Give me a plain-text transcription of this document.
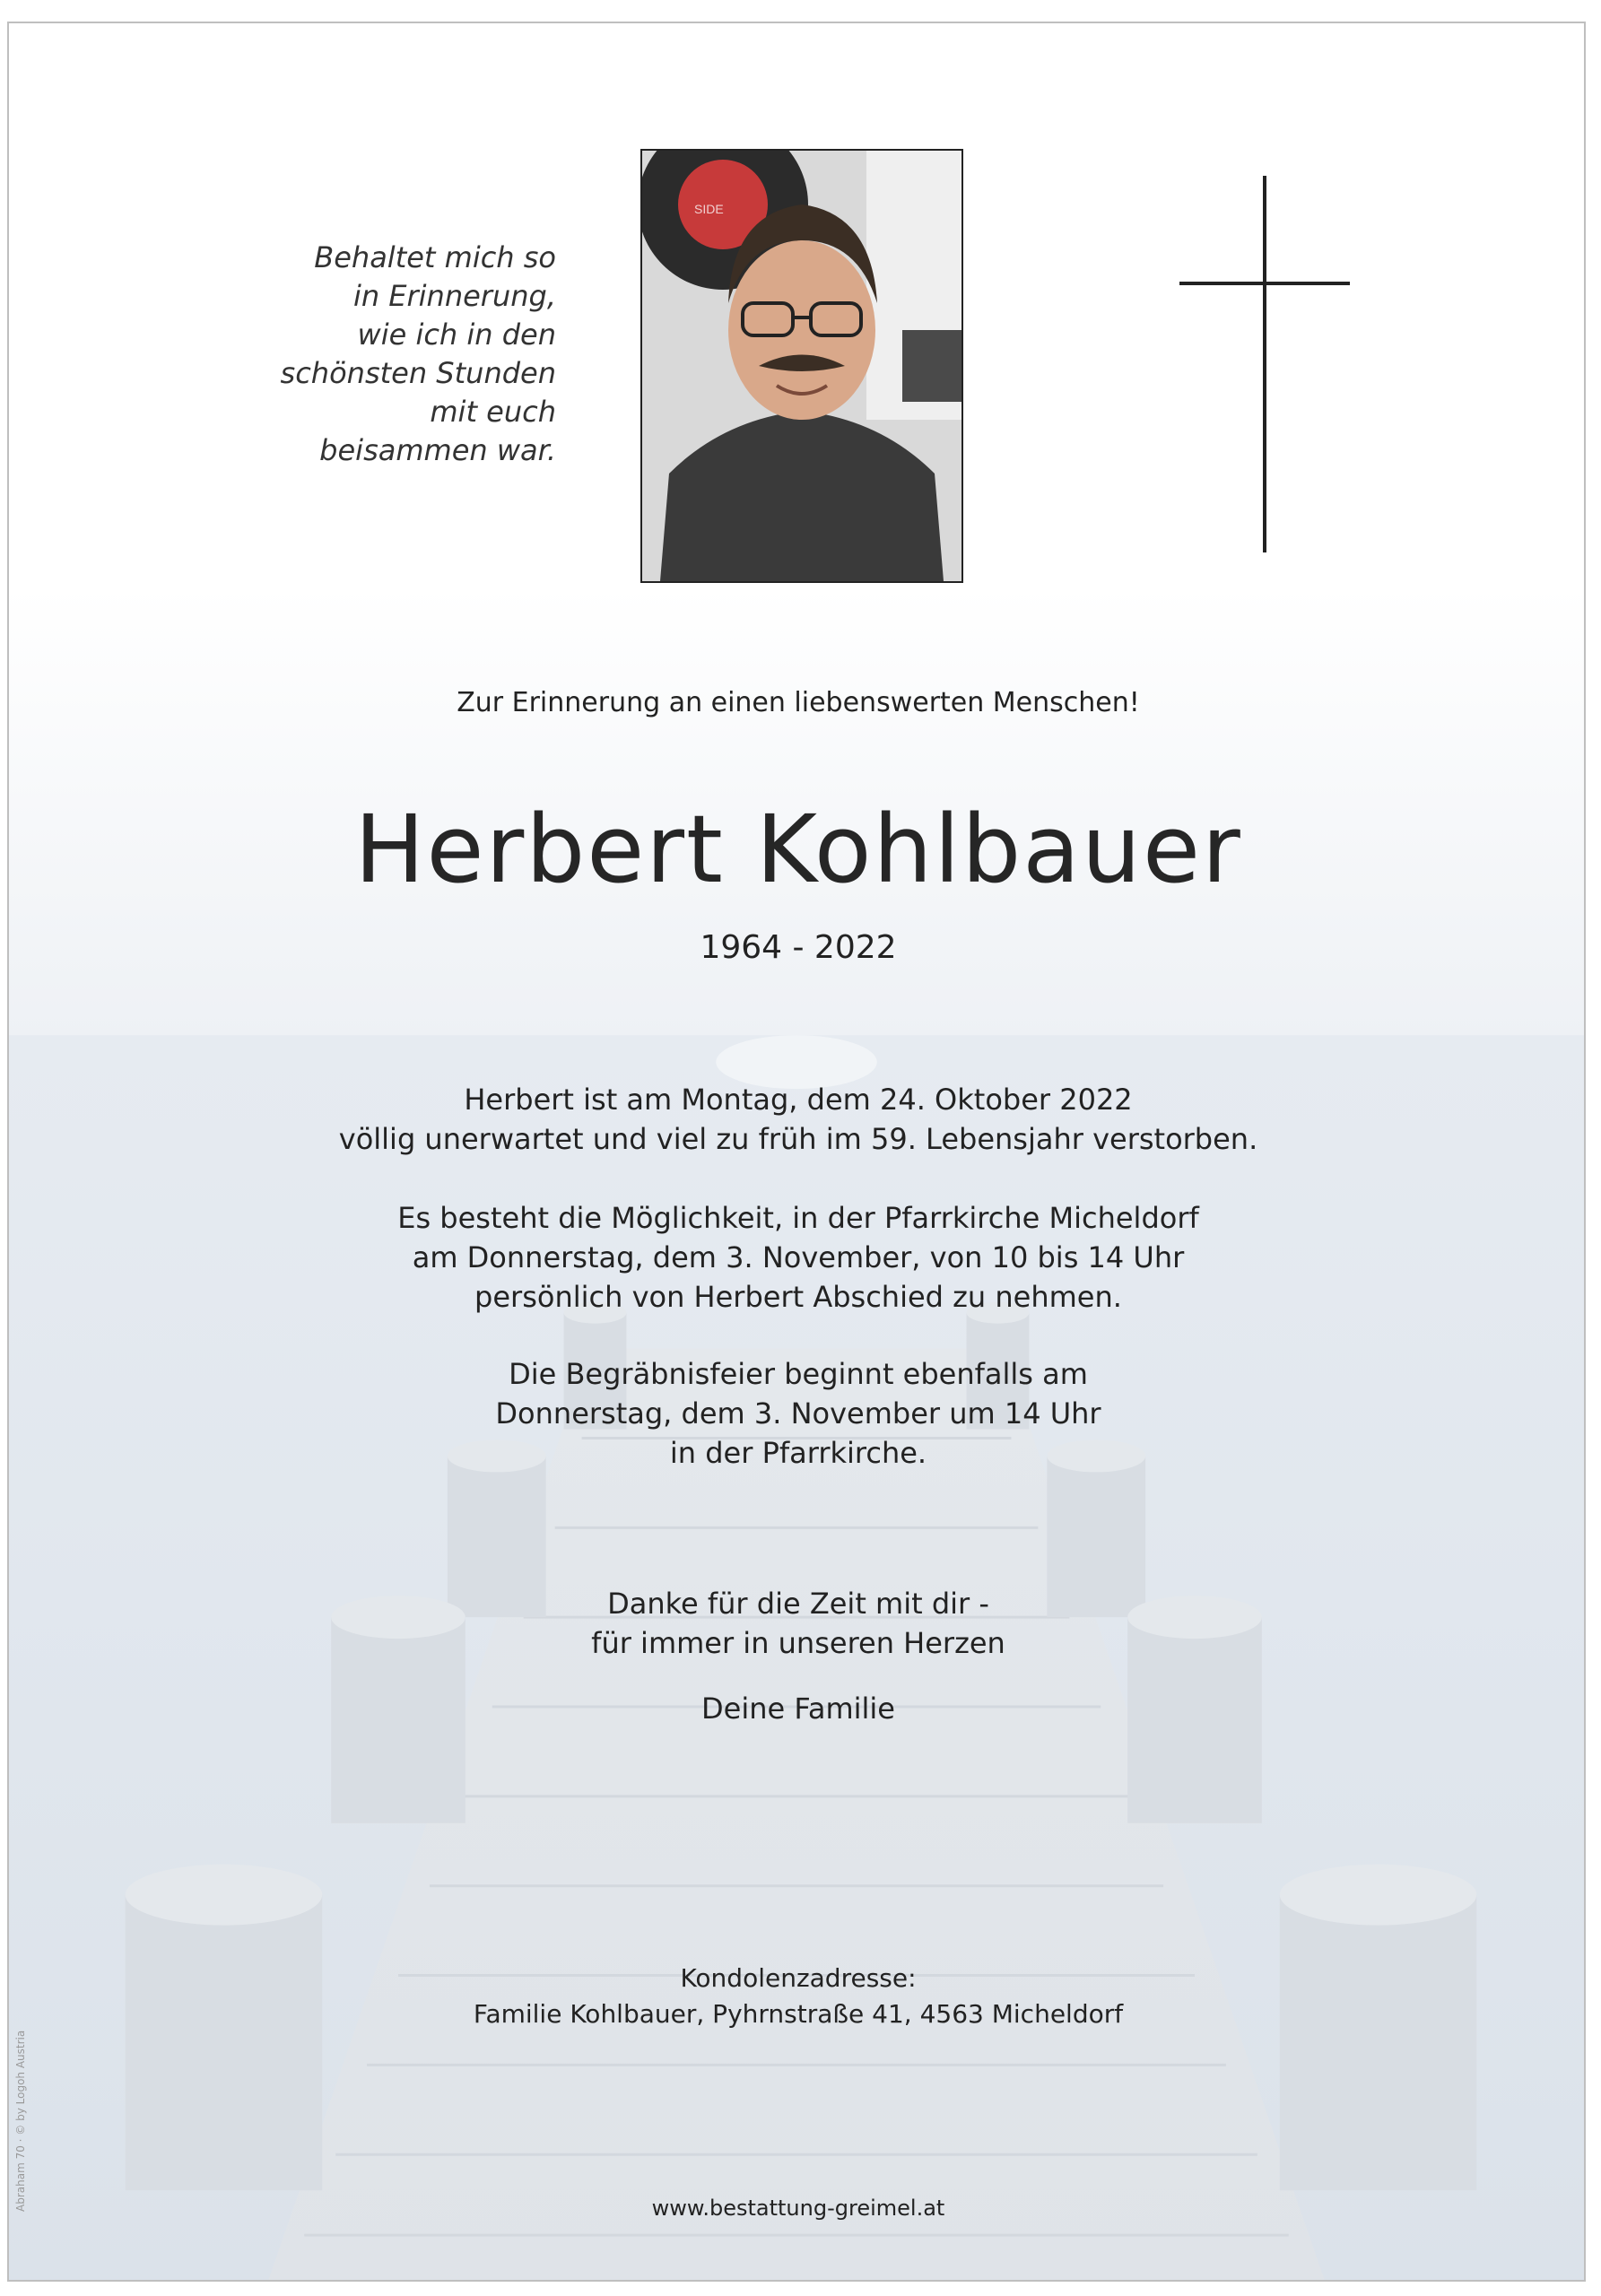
Behaltet mich so
in Erinnerung,
wie ich in den
schönsten Stunden
mit euch
beisammen war.
SIDE
Zur Erinnerung an einen liebenswerten Menschen!
Herbert Kohlbauer
1964 - 2022
Herbert ist am Montag, dem 24. Oktober 2022
völlig unerwartet und viel zu früh im 59. Lebensjahr verstorben.
Es besteht die Möglichkeit, in der Pfarrkirche Micheldorf
am Donnerstag, dem 3. November, von 10 bis 14 Uhr
persönlich von Herbert Abschied zu nehmen.
Die Begräbnisfeier beginnt ebenfalls am
Donnerstag, dem 3. November um 14 Uhr
in der Pfarrkirche.
Danke für die Zeit mit dir -
für immer in unseren Herzen
Deine Familie
Kondolenzadresse:
Familie Kohlbauer, Pyhrnstraße 41, 4563 Micheldorf
www.bestattung-greimel.at
Abraham 70 · © by Logoh Austria
